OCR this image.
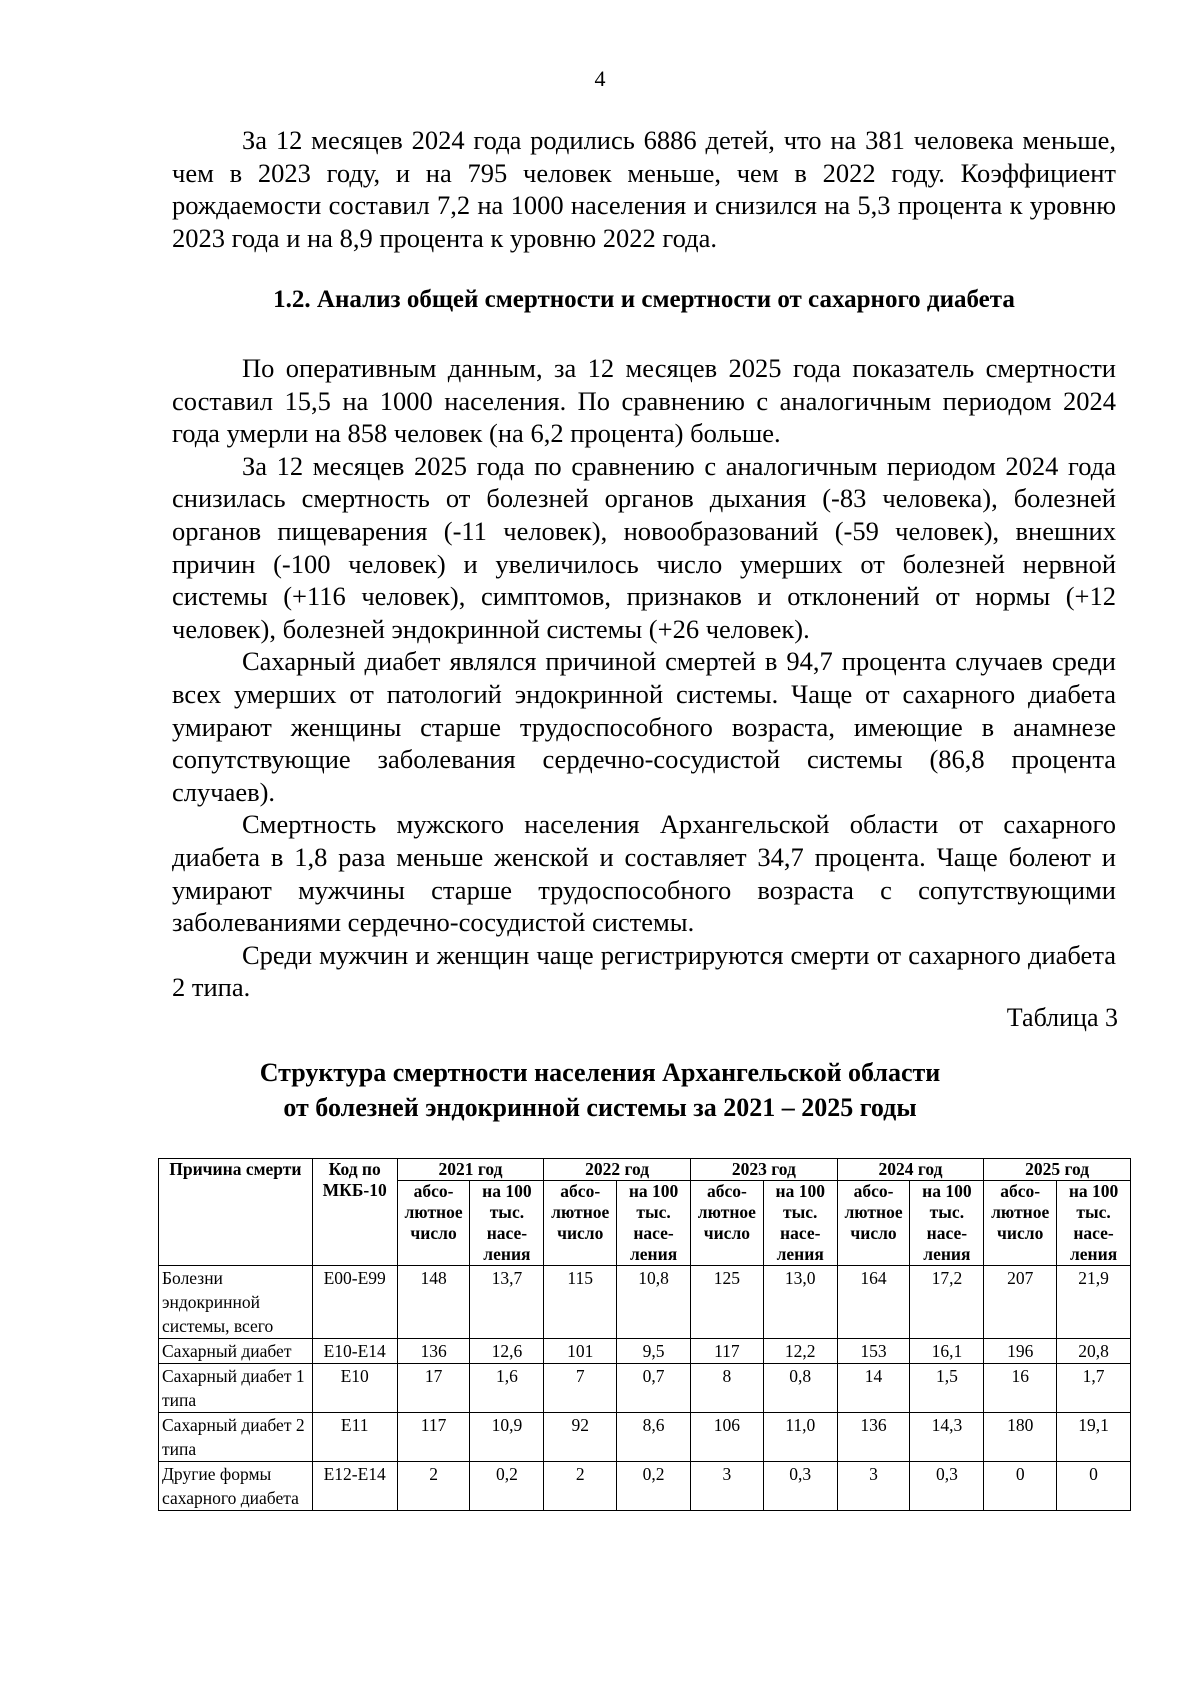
4

За 12 месяцев 2024 года родились 6886 детей, что на 381 человека меньше, чем в 2023 году, и на 795 человек меньше, чем в 2022 году. Коэффициент рождаемости составил 7,2 на 1000 населения и снизился на 5,3 процента к уровню 2023 года и на 8,9 процента к уровню 2022 года.

1.2. Анализ общей смертности и смертности от сахарного диабета

По оперативным данным, за 12 месяцев 2025 года показатель смертности составил 15,5 на 1000 населения. По сравнению с аналогичным периодом 2024 года умерли на 858 человек (на 6,2 процента) больше.

За 12 месяцев 2025 года по сравнению с аналогичным периодом 2024 года снизилась смертность от болезней органов дыхания (-83 человека), болезней органов пищеварения (-11 человек), новообразований (-59 человек), внешних причин (-100 человек) и увеличилось число умерших от болезней нервной системы (+116 человек), симптомов, признаков и отклонений от нормы (+12 человек), болезней эндокринной системы (+26 человек).

Сахарный диабет являлся причиной смертей в 94,7 процента случаев среди всех умерших от патологий эндокринной системы. Чаще от сахарного диабета умирают женщины старше трудоспособного возраста, имеющие в анамнезе сопутствующие заболевания сердечно-сосудистой системы (86,8 процента случаев).

Смертность мужского населения Архангельской области от сахарного диабета в 1,8 раза меньше женской и составляет 34,7 процента. Чаще болеют и умирают мужчины старше трудоспособного возраста с сопутствующими заболеваниями сердечно-сосудистой системы.

Среди мужчин и женщин чаще регистрируются смерти от сахарного диабета 2 типа.

Таблица 3
Структура смертности населения Архангельской области
от болезней эндокринной системы за 2021 – 2025 годы
Причина смерти	Код по МКБ-10	2021 год		2022 год		2023 год		2024 год		2025 год	
		абсо-лютное число	на 100 тыс. насе-ления	абсо-лютное число	на 100 тыс. насе-ления	абсо-лютное число	на 100 тыс. насе-ления	абсо-лютное число	на 100 тыс. насе-ления	абсо-лютное число	на 100 тыс. насе-ления
Болезни эндокринной системы, всего	Е00-Е99	148	13,7	115	10,8	125	13,0	164	17,2	207	21,9
Сахарный диабет	Е10-Е14	136	12,6	101	9,5	117	12,2	153	16,1	196	20,8
Сахарный диабет 1 типа	Е10	17	1,6	7	0,7	8	0,8	14	1,5	16	1,7
Сахарный диабет 2 типа	Е11	117	10,9	92	8,6	106	11,0	136	14,3	180	19,1
Другие формы сахарного диабета	Е12-Е14	2	0,2	2	0,2	3	0,3	3	0,3	0	0
